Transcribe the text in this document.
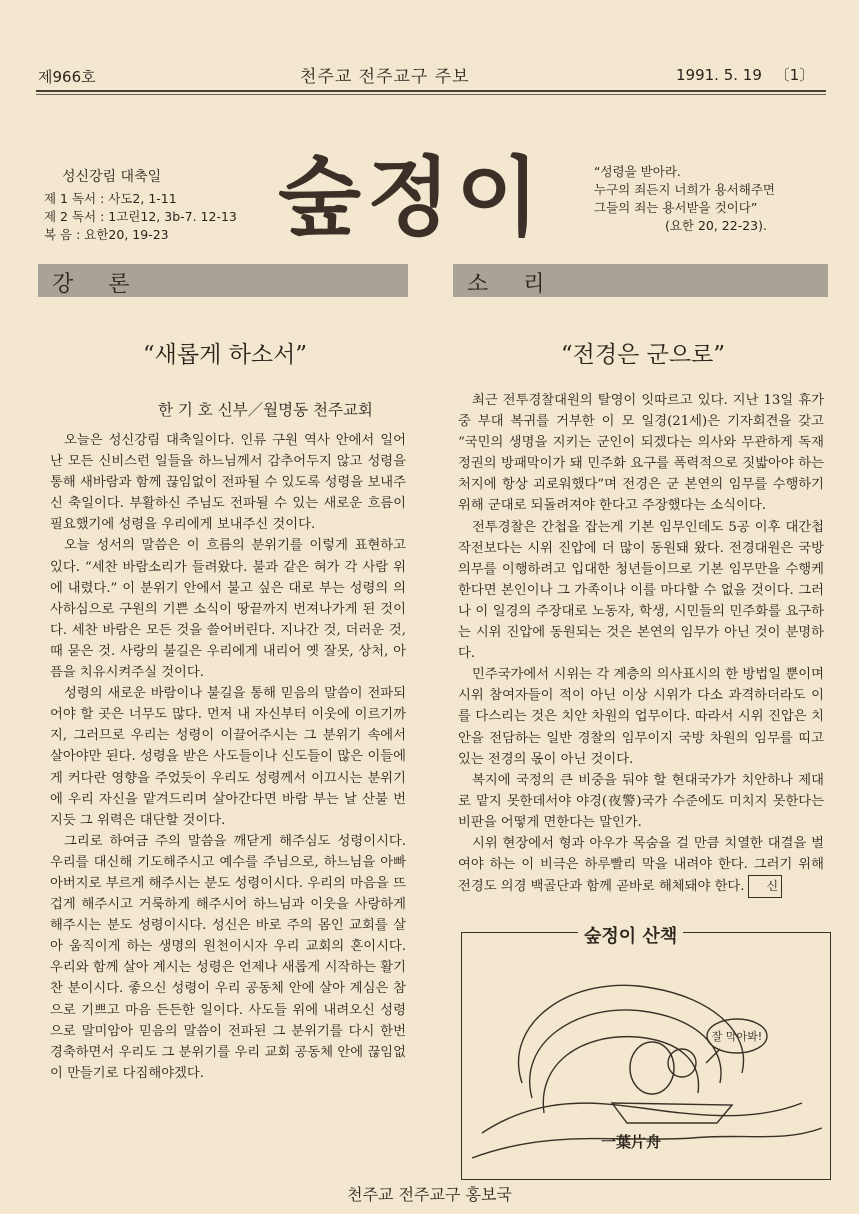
제966호	천주교 전주교구 주보	1991. 5. 19 〔1〕
성신강림 대축일
제 1 독서 : 사도2, 1-11
제 2 독서 : 1고린12, 3b-7. 12-13
복 음 : 요한20, 19-23	숲정이	“성령을 받아라.
누구의 죄든지 너희가 용서해주면
그들의 죄는 용서받을 것이다”
(요한 20, 22-23).
강 론	소 리
“새롭게 하소서”
한 기 호 신부／월명동 천주교회

오늘은 성신강림 대축일이다. 인류 구원 역사 안에서 일어난 모든 신비스런 일들을 하느님께서 감추어두지 않고 성령을 통해 새바람과 함께 끊임없이 전파될 수 있도록 성령을 보내주신 축일이다. 부활하신 주님도 전파될 수 있는 새로운 흐름이 필요했기에 성령을 우리에게 보내주신 것이다.

오늘 성서의 말씀은 이 흐름의 분위기를 이렇게 표현하고 있다. “세찬 바람소리가 들려왔다. 불과 같은 혀가 각 사람 위에 내렸다.” 이 분위기 안에서 불고 싶은 대로 부는 성령의 의사하심으로 구원의 기쁜 소식이 땅끝까지 번져나가게 된 것이다. 세찬 바람은 모든 것을 쓸어버린다. 지나간 것, 더러운 것, 때 묻은 것. 사랑의 불길은 우리에게 내리어 옛 잘못, 상처, 아픔을 치유시켜주실 것이다.

성령의 새로운 바람이나 불길을 통해 믿음의 말씀이 전파되어야 할 곳은 너무도 많다. 먼저 내 자신부터 이웃에 이르기까지, 그러므로 우리는 성령이 이끌어주시는 그 분위기 속에서 살아야만 된다. 성령을 받은 사도들이나 신도들이 많은 이들에게 커다란 영향을 주었듯이 우리도 성령께서 이끄시는 분위기에 우리 자신을 맡겨드리며 살아간다면 바람 부는 날 산불 번지듯 그 위력은 대단할 것이다.

그리로 하여금 주의 말씀을 깨닫게 해주심도 성령이시다. 우리를 대신해 기도해주시고 예수를 주님으로, 하느님을 아빠 아버지로 부르게 해주시는 분도 성령이시다. 우리의 마음을 뜨겁게 해주시고 거룩하게 해주시어 하느님과 이웃을 사랑하게 해주시는 분도 성령이시다. 성신은 바로 주의 몸인 교회를 살아 움직이게 하는 생명의 원천이시자 우리 교회의 혼이시다. 우리와 함께 살아 계시는 성령은 언제나 새롭게 시작하는 활기찬 분이시다. 좋으신 성령이 우리 공동체 안에 살아 계심은 참으로 기쁘고 마음 든든한 일이다. 사도들 위에 내려오신 성령으로 말미암아 믿음의 말씀이 전파된 그 분위기를 다시 한번 경축하면서 우리도 그 분위기를 우리 교회 공동체 안에 끊임없이 만들기로 다짐해야겠다.

“전경은 군으로”

최근 전투경찰대원의 탈영이 잇따르고 있다. 지난 13일 휴가중 부대 복귀를 거부한 이 모 일경(21세)은 기자회견을 갖고 “국민의 생명을 지키는 군인이 되겠다는 의사와 무관하게 독재정권의 방패막이가 돼 민주화 요구를 폭력적으로 짓밟아야 하는 처지에 항상 괴로워했다”며 전경은 군 본연의 임무를 수행하기 위해 군대로 되돌려져야 한다고 주장했다는 소식이다.

전투경찰은 간첩을 잡는게 기본 임무인데도 5공 이후 대간첩 작전보다는 시위 진압에 더 많이 동원돼 왔다. 전경대원은 국방의무를 이행하려고 입대한 청년들이므로 기본 임무만을 수행케 한다면 본인이나 그 가족이나 이를 마다할 수 없을 것이다. 그러나 이 일경의 주장대로 노동자, 학생, 시민들의 민주화를 요구하는 시위 진압에 동원되는 것은 본연의 임무가 아닌 것이 분명하다.

민주국가에서 시위는 각 계층의 의사표시의 한 방법일 뿐이며 시위 참여자들이 적이 아닌 이상 시위가 다소 과격하더라도 이를 다스리는 것은 치안 차원의 업무이다. 따라서 시위 진압은 치안을 전담하는 일반 경찰의 임무이지 국방 차원의 임무를 띠고 있는 전경의 몫이 아닌 것이다.

복지에 국정의 큰 비중을 둬야 할 현대국가가 치안하나 제대로 맡지 못한데서야 야경(夜警)국가 수준에도 미치지 못한다는 비판을 어떻게 면한다는 말인가.

시위 현장에서 형과 아우가 목숨을 걸 만큼 치열한 대결을 벌여야 하는 이 비극은 하루빨리 막을 내려야 한다. 그러기 위해 전경도 의경 백골단과 함께 곧바로 해체돼야 한다. 신

잘 막아봐!
숲정이 산책
一葉片舟
천주교 전주교구 홍보국
